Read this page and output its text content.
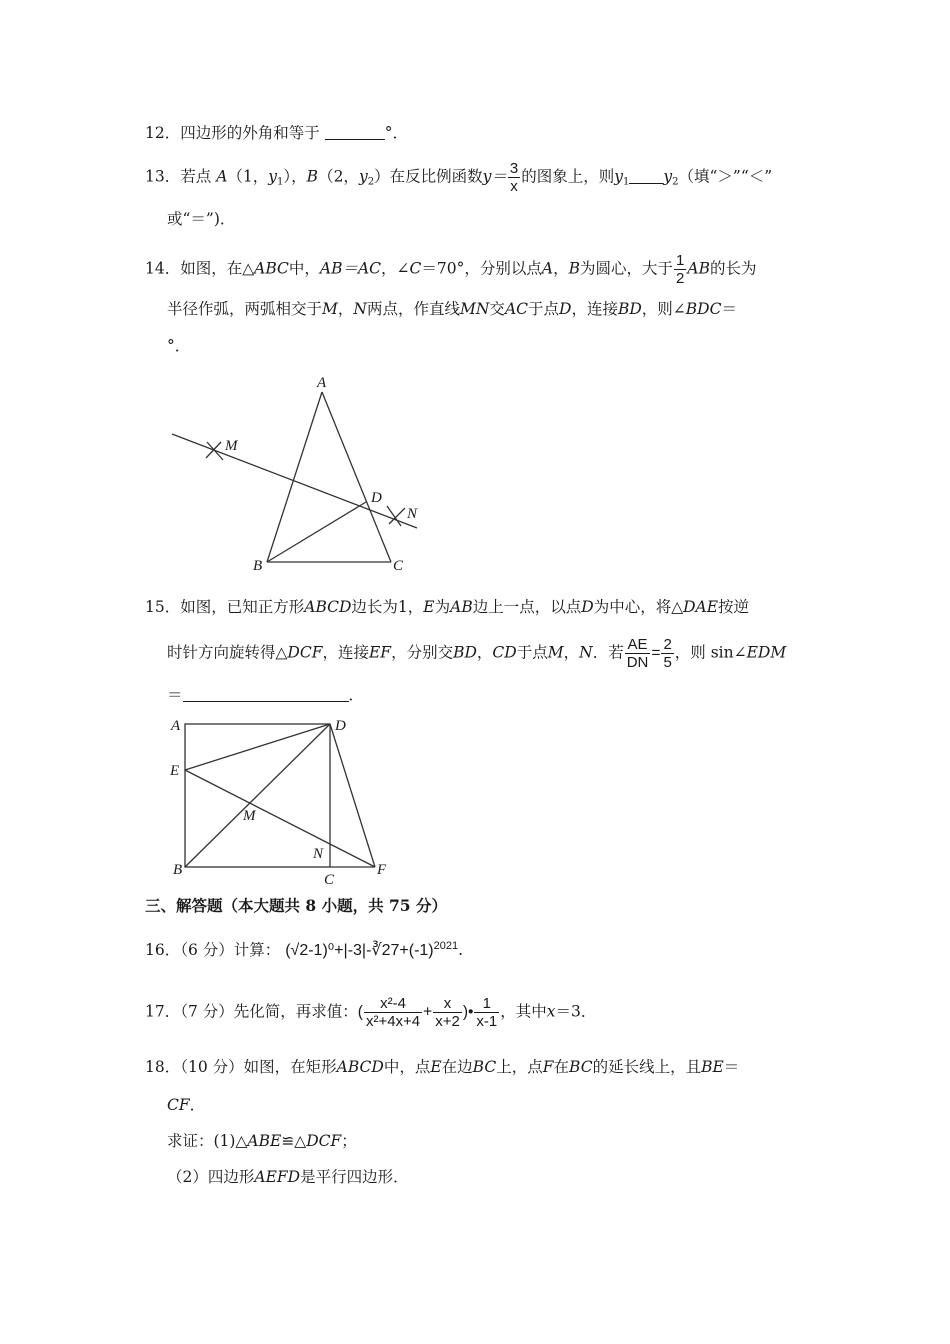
12．四边形的外角和等于	°．
13．若点 A（1，$y_1$），B（2，$y_2$）在反比例函数$y= \frac{3}{x}$ 的图象上，则$y_1$ $y_2$（填“＞”“＜”
或“＝”)．
14．如图，在△ABC中，AB＝AC，∠C＝70°，分别以点A，B为圆心，大于 $\frac{1}{2}$ AB的长为
半径作弧，两弧相交于M，N两点，作直线MN交AC于点D，连接BD，则∠BDC＝
°．
A
B	C
D
M
N
15．如图，已知正方形ABCD边长为1，E为AB边上一点，以点D为中心，将△DAE按逆
时针方向旋转得△DCF，连接EF，分别交BD，CD于点M，N．若 $\frac{AE}{DN} = \frac{2}{5}$ ，则 sin∠EDM
＝	．
A	D
E
M
N
B
C
F
三、解答题（本大题共 8 小题，共 75 分）
16．（6 分）计算： $(√2-1)^0+|-3|-∛27+(-1)^{2021}$.
17．（7 分）先化简，再求值：( $\frac{\text{x²-4}}{\text{x²+4x+4}} + \frac{x}{x+2}$ )• $\frac{1}{x-1}$ ，其中x＝3．
18．（10 分）如图，在矩形ABCD中，点E在边BC上，点F在BC的延长线上，且BE＝
CF．
求证：(1)△ABE≌△DCF；
（2）四边形AEFD是平行四边形．
